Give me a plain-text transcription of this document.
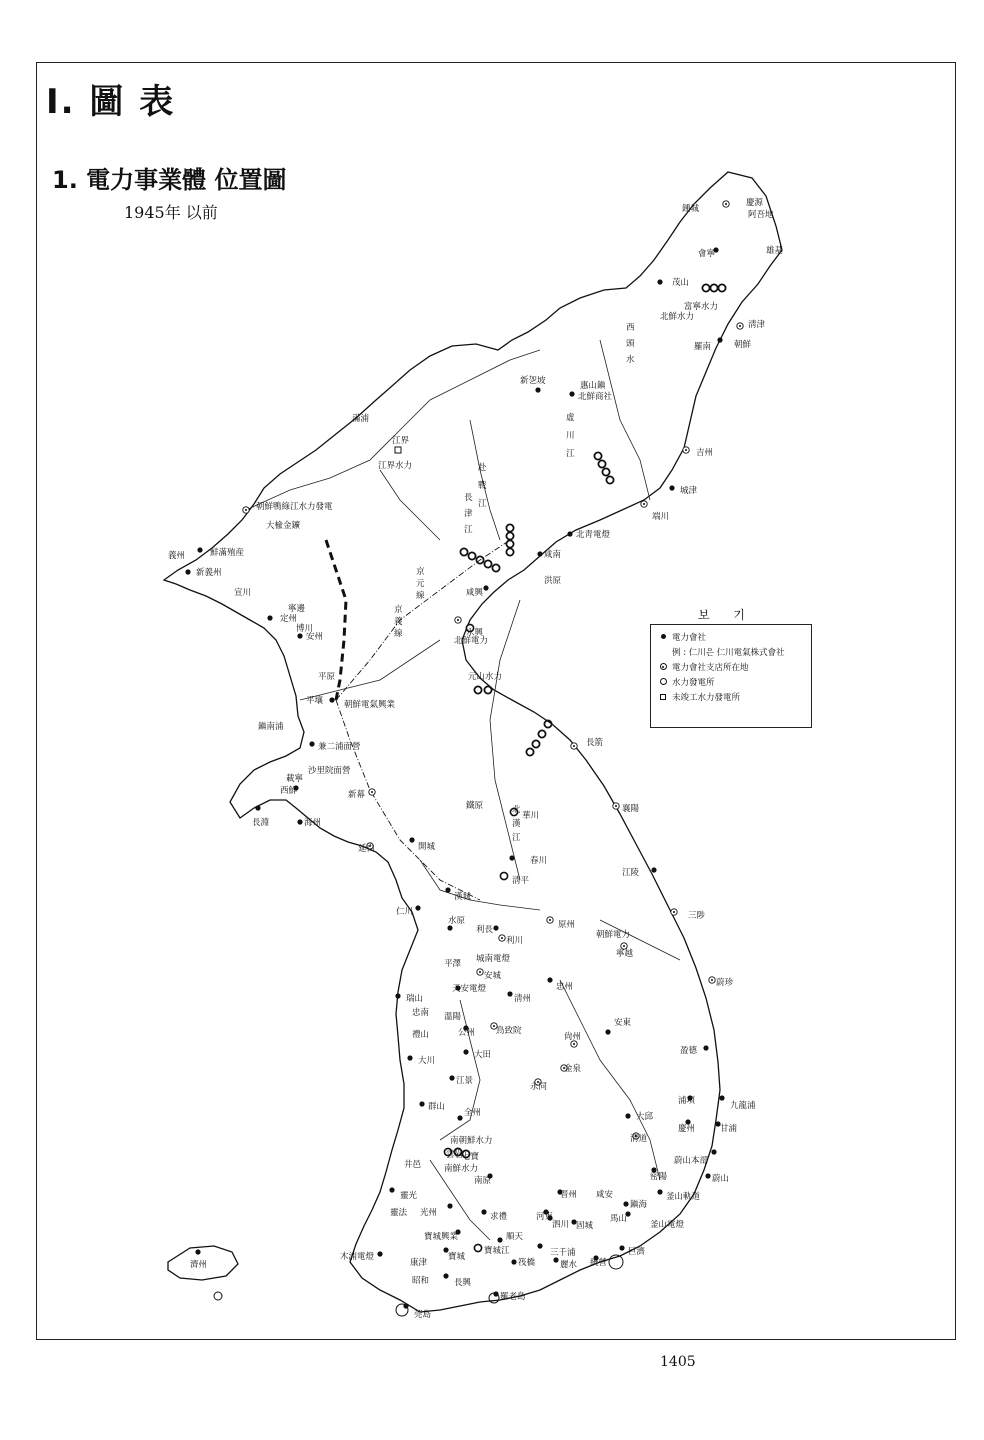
I. 圖 表
1. 電力事業體 位置圖
1945年 以前	慶源
阿吾地
鍾城
會寧	雄基
茂山
富寧水力
北鮮水力
淸津
羅南	朝鮮
新乫坡	惠山鎭
北鮮商社
吉州
城津
端川
北靑電燈
咸南
洪原
咸興
永興
北鮮電力
滿浦
江界
江界水力
朝鮮鴨綠江水力發電
大楡金鑛
鮮滿殖産
義州
新義州
宣川
定州
寧邊
博川
安州
平原
平壤 朝鮮電氣興業
元山水力
長箭
鎭南浦
兼二浦面營
沙里院面營
載寧
西鮮	新幕
鐵原
華川
襄陽
長淵	海州
延白	開城
春川
淸平
江陵
漢城
仁川	三陟
水原
利長
利川
原州
朝鮮電力
寧越
平澤 城南電燈
安城
蔚珍
天安電燈
淸州
忠州
瑞山
忠南 溫陽
禮山	公州 鳥致院
尙州
安東
大川
大田	盈德
江景
金泉
永同
浦項	九龍浦
群山
全州	大邱
慶州	甘浦
南朝鮮水力	淸道
雲岩
七寶
井邑	南鮮水力
蔚山本部
密陽
南原	蔚山
靈光	晋州 咸安
鎭海
釜山軌道
靈法 光州	求禮	河東	馬山
泗川 固城	釜山電燈
寶城興業	順天
三千浦	巨濟
濟州
木浦電燈
康津
寶城
寶城江
筏橋	麗水 統營
昭和	長興
羅老島
莞島
西
頭
水
虛
川
江
赴
戰
江
長
津
江
北
漢
江
京
元
線
京
義
線
보 기
電力會社
例 : 仁川은 仁川電氣株式會社
電力會社支店所在地
水力發電所
未竣工水力發電所
1405
